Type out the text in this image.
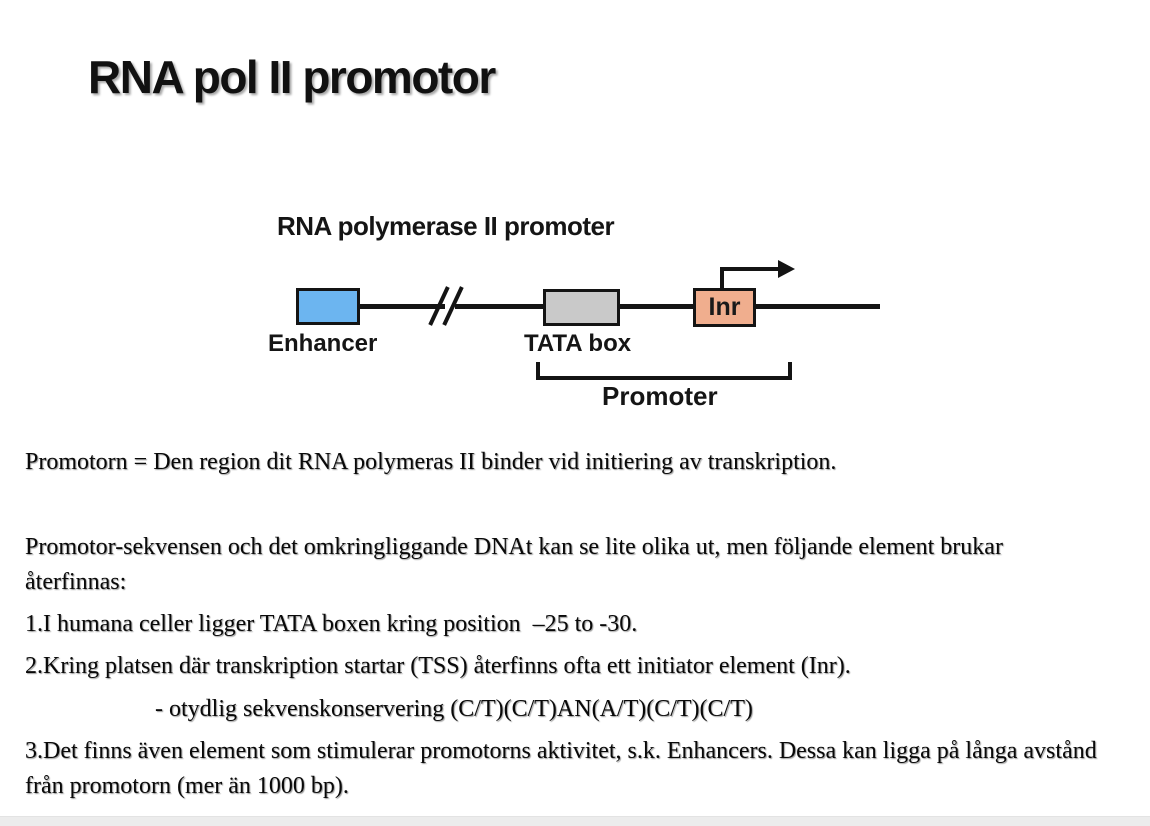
RNA pol II promotor
RNA polymerase II promoter
Inr
Enhancer	TATA box
Promoter
Promotorn = Den region dit RNA polymeras II binder vid initiering av transkription.
Promotor-sekvensen och det omkringliggande DNAt kan se lite olika ut, men följande element brukar återfinnas:
1.I humana celler ligger TATA boxen kring position  –25 to -30.
2.Kring platsen där transkription startar (TSS) återfinns ofta ett initiator element (Inr).
- otydlig sekvenskonservering (C/T)(C/T)AN(A/T)(C/T)(C/T)
3.Det finns även element som stimulerar promotorns aktivitet, s.k. Enhancers. Dessa kan ligga på långa avstånd från promotorn (mer än 1000 bp).
